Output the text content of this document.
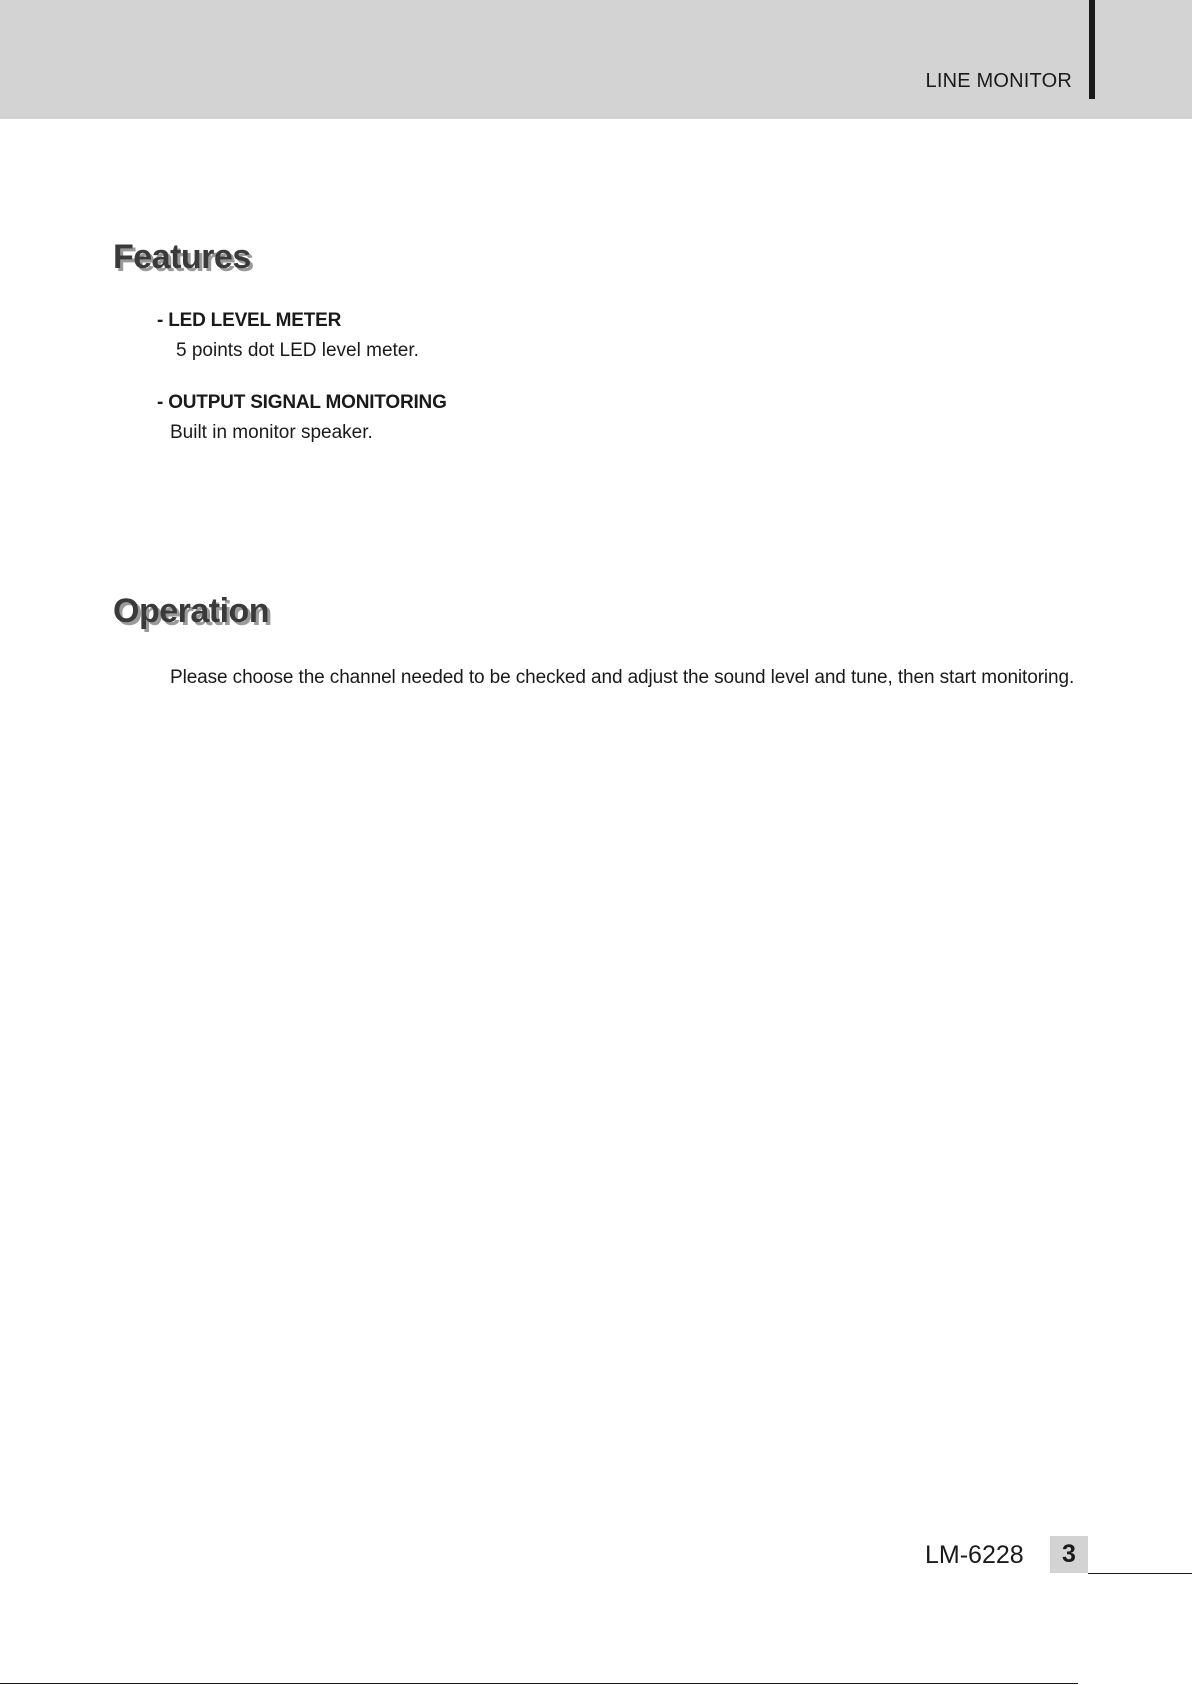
LINE MONITOR
Features
- LED LEVEL METER
5 points dot LED level meter.
- OUTPUT SIGNAL MONITORING
Built in monitor speaker.
Operation
Please choose the channel needed to be checked and adjust the sound level and tune, then start monitoring.
LM-6228	3
